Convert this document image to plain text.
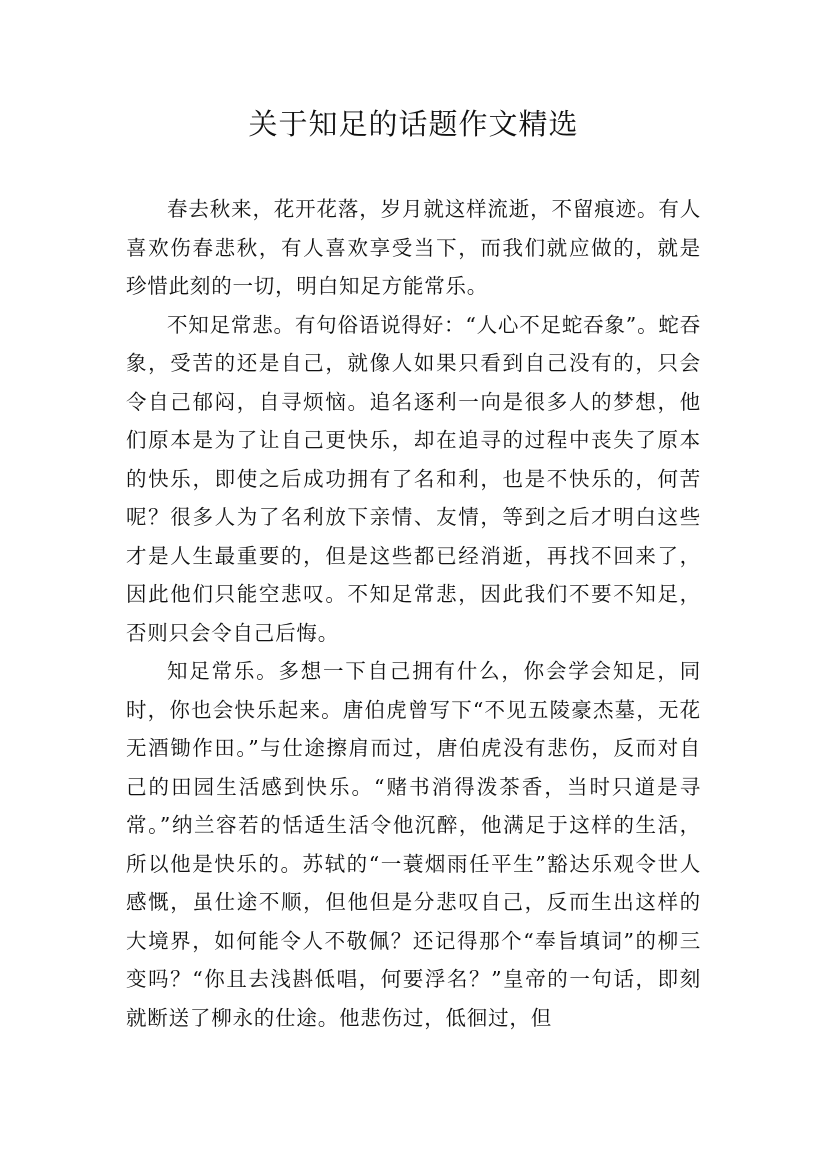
关于知足的话题作文精选

春去秋来，花开花落，岁月就这样流逝，不留痕迹。有人喜欢伤春悲秋，有人喜欢享受当下，而我们就应做的，就是珍惜此刻的一切，明白知足方能常乐。

不知足常悲。有句俗语说得好：“人心不足蛇吞象”。蛇吞象，受苦的还是自己，就像人如果只看到自己没有的，只会令自己郁闷，自寻烦恼。追名逐利一向是很多人的梦想，他们原本是为了让自己更快乐，却在追寻的过程中丧失了原本的快乐，即使之后成功拥有了名和利，也是不快乐的，何苦呢？很多人为了名利放下亲情、友情，等到之后才明白这些才是人生最重要的，但是这些都已经消逝，再找不回来了，因此他们只能空悲叹。不知足常悲，因此我们不要不知足，否则只会令自己后悔。

知足常乐。多想一下自己拥有什么，你会学会知足，同时，你也会快乐起来。唐伯虎曾写下“不见五陵豪杰墓，无花无酒锄作田。”与仕途擦肩而过，唐伯虎没有悲伤，反而对自己的田园生活感到快乐。“赌书消得泼茶香，当时只道是寻常。”纳兰容若的恬适生活令他沉醉，他满足于这样的生活，所以他是快乐的。苏轼的“一蓑烟雨任平生”豁达乐观令世人感慨，虽仕途不顺，但他但是分悲叹自己，反而生出这样的大境界，如何能令人不敬佩？还记得那个“奉旨填词”的柳三变吗？“你且去浅斟低唱，何要浮名？”皇帝的一句话，即刻就断送了柳永的仕途。他悲伤过，低徊过，但
